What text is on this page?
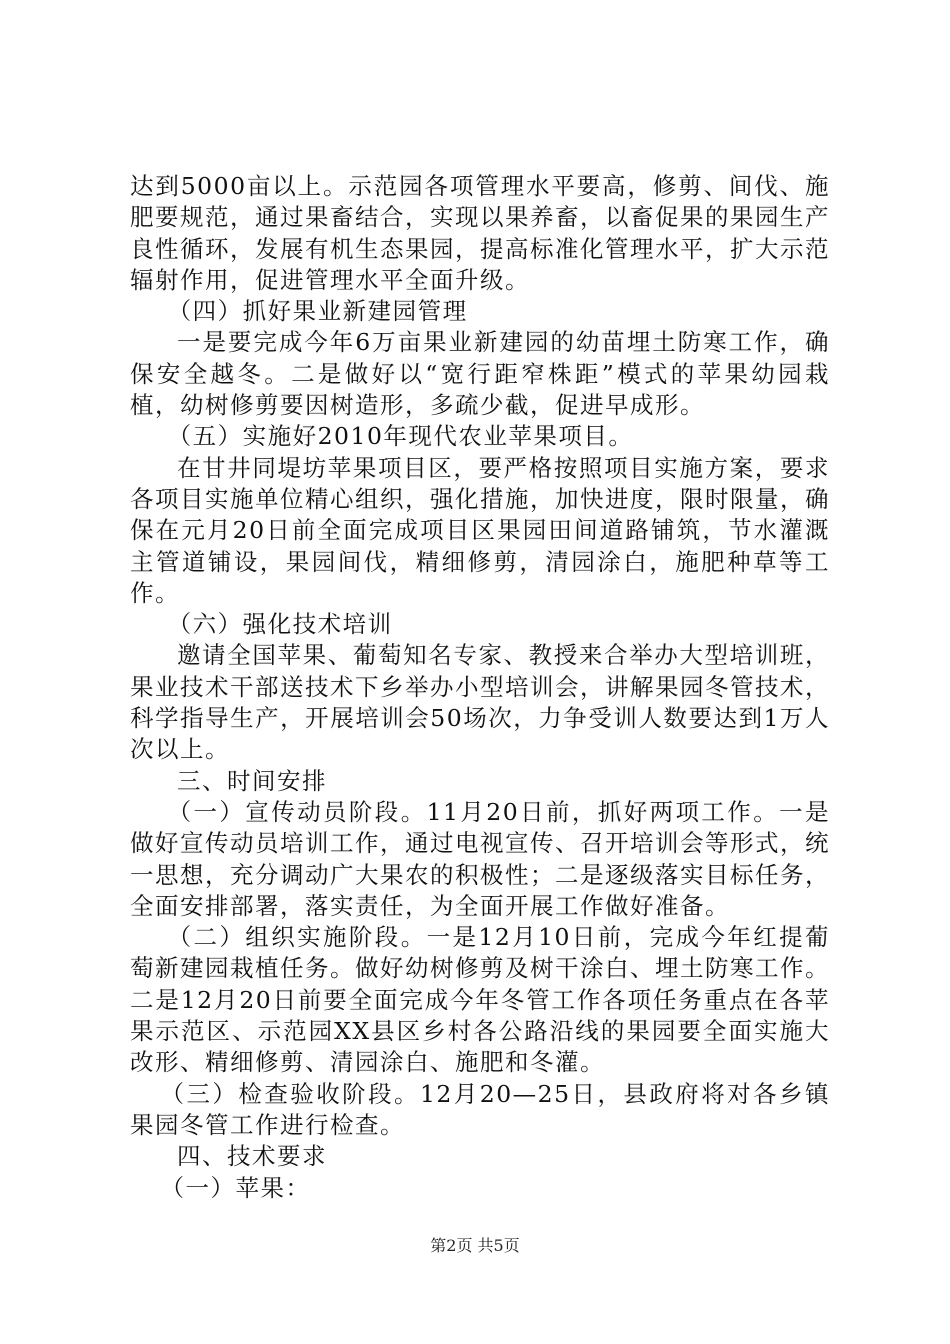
达到5000亩以上。示范园各项管理水平要高，修剪、间伐、施肥要规范，通过果畜结合，实现以果养畜，以畜促果的果园生产良性循环，发展有机生态果园，提高标准化管理水平，扩大示范辐射作用，促进管理水平全面升级。

（四）抓好果业新建园管理

一是要完成今年6万亩果业新建园的幼苗埋土防寒工作，确保安全越冬。二是做好以“宽行距窄株距”模式的苹果幼园栽植，幼树修剪要因树造形，多疏少截，促进早成形。

（五）实施好2010年现代农业苹果项目。

在甘井同堤坊苹果项目区，要严格按照项目实施方案，要求各项目实施单位精心组织，强化措施，加快进度，限时限量，确保在元月20日前全面完成项目区果园田间道路铺筑，节水灌溉主管道铺设，果园间伐，精细修剪，清园涂白，施肥种草等工作。

（六）强化技术培训

邀请全国苹果、葡萄知名专家、教授来合举办大型培训班，果业技术干部送技术下乡举办小型培训会，讲解果园冬管技术，科学指导生产，开展培训会50场次，力争受训人数要达到1万人次以上。

三、时间安排

（一）宣传动员阶段。11月20日前，抓好两项工作。一是做好宣传动员培训工作，通过电视宣传、召开培训会等形式，统一思想，充分调动广大果农的积极性；二是逐级落实目标任务，全面安排部署，落实责任，为全面开展工作做好准备。

（二）组织实施阶段。一是12月10日前，完成今年红提葡萄新建园栽植任务。做好幼树修剪及树干涂白、埋土防寒工作。二是12月20日前要全面完成今年冬管工作各项任务重点在各苹果示范区、示范园XX县区乡村各公路沿线的果园要全面实施大改形、精细修剪、清园涂白、施肥和冬灌。

（三）检查验收阶段。12月20—25日，县政府将对各乡镇果园冬管工作进行检查。

四、技术要求

（一）苹果：

第2页 共5页
